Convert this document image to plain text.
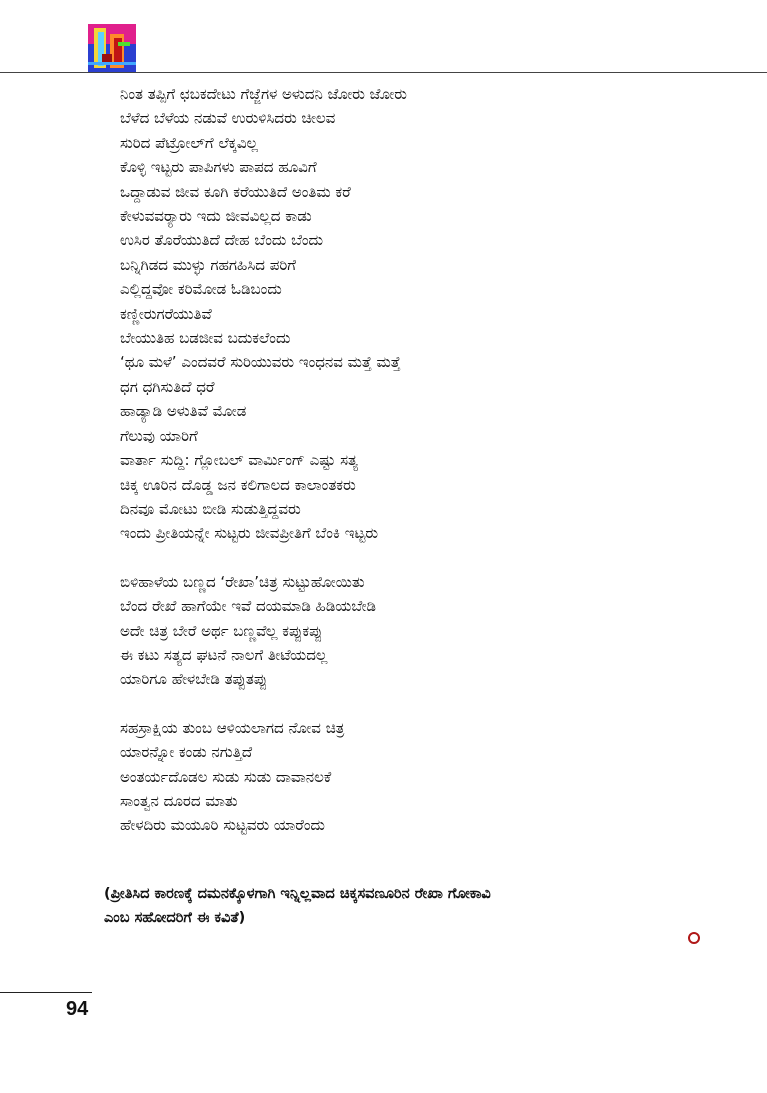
ನಿಂತ ತಪ್ಪಿಗೆ ಛಬಕದೇಟು ಗೆಜ್ಜೆಗಳ ಅಳುದನಿ ಜೋರು ಜೋರು
ಬೆಳೆದ ಬೆಳೆಯ ನಡುವೆ ಉರುಳಿಸಿದರು ಚೀಲವ
ಸುರಿದ ಪೆಟ್ರೋಲ್‌ಗೆ ಲೆಕ್ಕವಿಲ್ಲ
ಕೊಳ್ಳಿ ಇಟ್ಟರು ಪಾಪಿಗಳು ಪಾಪದ ಹೂವಿಗೆ
ಒದ್ದಾಡುವ ಜೀವ ಕೂಗಿ ಕರೆಯುತಿದೆ ಅಂತಿಮ ಕರೆ
ಕೇಳುವವರ್‍ಯಾರು ಇದು ಜೀವವಿಲ್ಲದ ಕಾಡು
ಉಸಿರ ತೊರೆಯುತಿದೆ ದೇಹ ಬೆಂದು ಬೆಂದು
ಬನ್ನಿಗಿಡದ ಮುಳ್ಳು ಗಹಗಹಿಸಿದ ಪರಿಗೆ
ಎಲ್ಲಿದ್ದವೋ ಕರಿಮೋಡ ಓಡಿಬಂದು
ಕಣ್ಣೀರುಗರೆಯುತಿವೆ
ಬೇಯುತಿಹ ಬಡಜೀವ ಬದುಕಲೆಂದು
‘ಥೂ ಮಳೆ’ ಎಂದವರೆ ಸುರಿಯುವರು ಇಂಧನವ ಮತ್ತೆ ಮತ್ತೆ
ಧಗ ಧಗಿಸುತಿದೆ ಧರೆ
ಹಾಡ್ಯಾಡಿ ಅಳುತಿವೆ ಮೋಡ
ಗೆಲುವು ಯಾರಿಗೆ
ವಾರ್ತಾ ಸುದ್ದಿ: ಗ್ಲೋಬಲ್ ವಾರ್ಮಿಂಗ್ ಎಷ್ಟು ಸತ್ಯ
ಚಿಕ್ಕ ಊರಿನ ದೊಡ್ಡ ಜನ ಕಲಿಗಾಲದ ಕಾಲಾಂತಕರು
ದಿನವೂ ಮೋಟು ಬೀಡಿ ಸುಡುತ್ತಿದ್ದವರು
ಇಂದು ಪ್ರೀತಿಯನ್ನೇ ಸುಟ್ಟರು ಜೀವಪ್ರೀತಿಗೆ ಬೆಂಕಿ ಇಟ್ಟರು
ಬಿಳಿಹಾಳೆಯ ಬಣ್ಣದ ‘ರೇಖಾ’ಚಿತ್ರ ಸುಟ್ಟುಹೋಯಿತು
ಬೆಂದ ರೇಖೆ ಹಾಗೆಯೇ ಇವೆ ದಯಮಾಡಿ ಹಿಡಿಯಬೇಡಿ
ಅದೇ ಚಿತ್ರ ಬೇರೆ ಅರ್ಥ ಬಣ್ಣವೆಲ್ಲ ಕಪ್ಪುಕಪ್ಪು
ಈ ಕಟು ಸತ್ಯದ ಘಟನೆ ನಾಲಗೆ ತೀಟೆಯದಲ್ಲ
ಯಾರಿಗೂ ಹೇಳಬೇಡಿ ತಪ್ಪುತಪ್ಪು
ಸಹಸ್ರಾಕ್ಷಿಯ ತುಂಬ ಆಳಿಯಲಾಗದ ನೋವ ಚಿತ್ರ
ಯಾರನ್ನೋ ಕಂಡು ನಗುತ್ತಿದೆ
ಅಂತರ್ಯದೊಡಲ ಸುಡು ಸುಡು ದಾವಾನಲಕೆ
ಸಾಂತ್ವನ ದೂರದ ಮಾತು
ಹೇಳದಿರು ಮಯೂರಿ ಸುಟ್ಟವರು ಯಾರೆಂದು
(ಪ್ರೀತಿಸಿದ ಕಾರಣಕ್ಕೆ ದಮನಕ್ಕೊಳಗಾಗಿ ಇನ್ನಿಲ್ಲವಾದ ಚಿಕ್ಕಸವಣೂರಿನ ರೇಖಾ ಗೋಕಾವಿ
ಎಂಬ ಸಹೋದರಿಗೆ ಈ ಕವಿತೆ)
94
